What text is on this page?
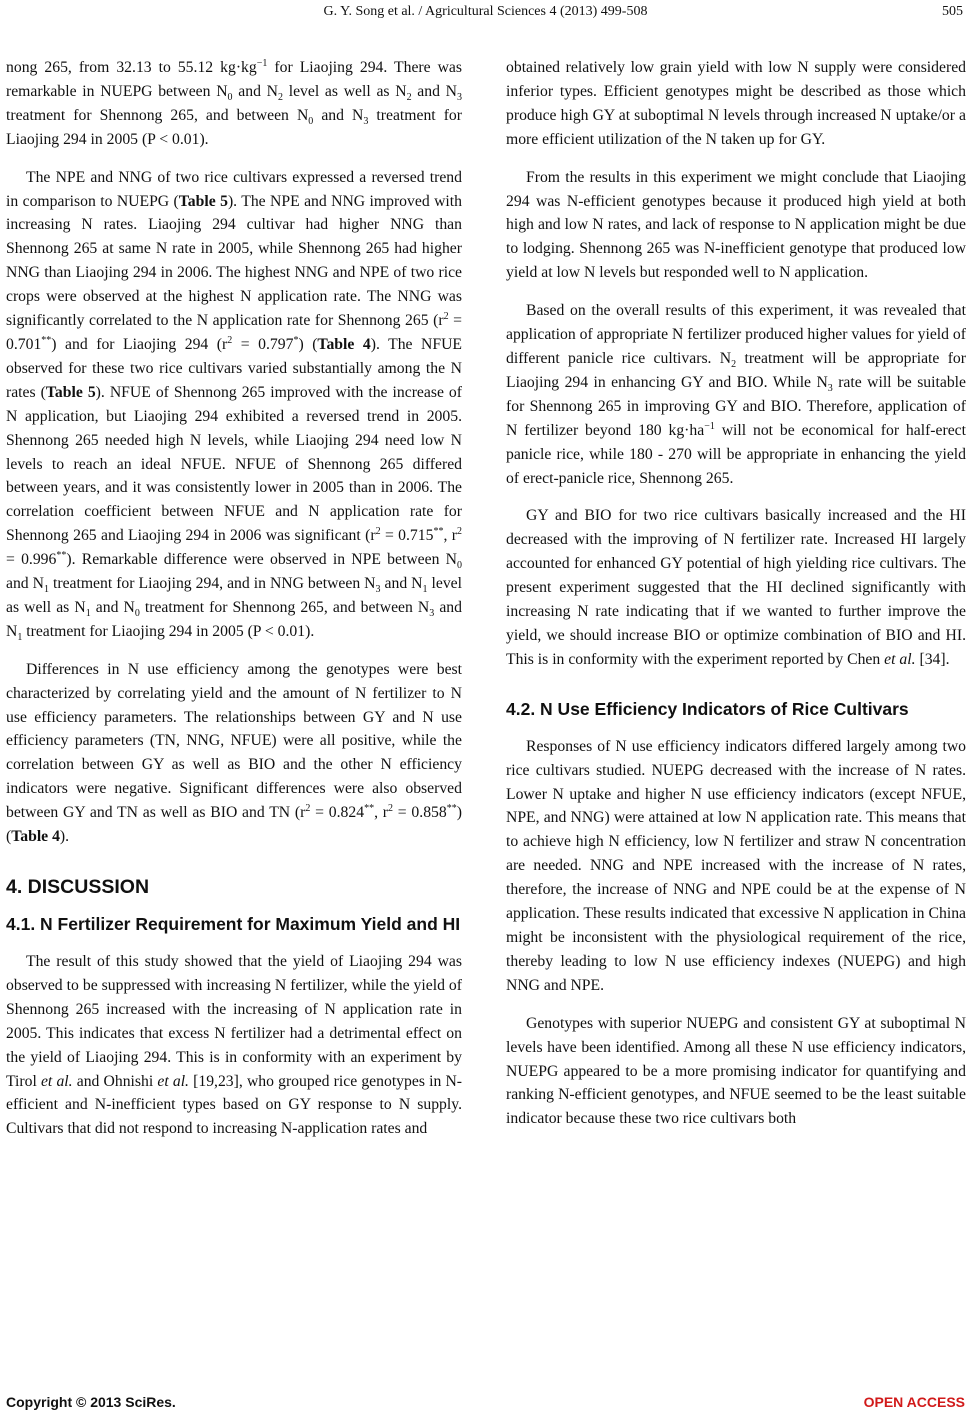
G. Y. Song et al. / Agricultural Sciences 4 (2013) 499-508	505

nong 265, from 32.13 to 55.12 $kg\cdot kg^{-1}$ for Liaojing 294. There was remarkable in NUEPG between $N_0$ and $N_2$ level as well as $N_2$ and $N_3$ treatment for Shennong 265, and between $N_0$ and $N_3$ treatment for Liaojing 294 in 2005 (P < 0.01).

The NPE and NNG of two rice cultivars expressed a reversed trend in comparison to NUEPG (Table 5). The NPE and NNG improved with increasing N rates. Liaojing 294 cultivar had higher NNG than Shennong 265 at same N rate in 2005, while Shennong 265 had higher NNG than Liaojing 294 in 2006. The highest NNG and NPE of two rice crops were observed at the highest N application rate. The NNG was significantly correlated to the N application rate for Shennong 265 $(r^2 = 0.701^{**})$ and for Liaojing 294 $(r^2 = 0.797^*)$ (Table 4). The NFUE observed for these two rice cultivars varied substantially among the N rates (Table 5). NFUE of Shennong 265 improved with the increase of N application, but Liaojing 294 exhibited a reversed trend in 2005. Shennong 265 needed high N levels, while Liaojing 294 need low N levels to reach an ideal NFUE. NFUE of Shennong 265 differed between years, and it was consistently lower in 2005 than in 2006. The correlation coefficient between NFUE and N application rate for Shennong 265 and Liaojing 294 in 2006 was significant ($r^2 = 0.715^{**}$, $r^2 = 0.996^{**}$). Remarkable difference were observed in NPE between $N_0$ and $N_1$ treatment for Liaojing 294, and in NNG between $N_3$ and $N_1$ level as well as $N_1$ and $N_0$ treatment for Shennong 265, and between $N_3$ and $N_1$ treatment for Liaojing 294 in 2005 (P < 0.01).

Differences in N use efficiency among the genotypes were best characterized by correlating yield and the amount of N fertilizer to N use efficiency parameters. The relationships between GY and N use efficiency parameters (TN, NNG, NFUE) were all positive, while the correlation between GY as well as BIO and the other N efficiency indicators were negative. Significant differences were also observed between GY and TN as well as BIO and TN ($r^2 = 0.824^{**}$, $r^2 = 0.858^{**}$) (Table 4).

4. DISCUSSION
4.1. N Fertilizer Requirement for Maximum Yield and HI

The result of this study showed that the yield of Liaojing 294 was observed to be suppressed with increasing N fertilizer, while the yield of Shennong 265 increased with the increasing of N application rate in 2005. This indicates that excess N fertilizer had a detrimental effect on the yield of Liaojing 294. This is in conformity with an experiment by Tirol et al. and Ohnishi et al. [19,23], who grouped rice genotypes in N-efficient and N-inefficient types based on GY response to N supply. Cultivars that did not respond to increasing N-application rates and

obtained relatively low grain yield with low N supply were considered inferior types. Efficient genotypes might be described as those which produce high GY at suboptimal N levels through increased N uptake/or a more efficient utilization of the N taken up for GY.

From the results in this experiment we might conclude that Liaojing 294 was N-efficient genotypes because it produced high yield at both high and low N rates, and lack of response to N application might be due to lodging. Shennong 265 was N-inefficient genotype that produced low yield at low N levels but responded well to N application.

Based on the overall results of this experiment, it was revealed that application of appropriate N fertilizer produced higher values for yield of different panicle rice cultivars. $N_2$ treatment will be appropriate for Liaojing 294 in enhancing GY and BIO. While $N_3$ rate will be suitable for Shennong 265 in improving GY and BIO. Therefore, application of N fertilizer beyond 180 $kg\cdot ha^{-1}$ will not be economical for half-erect panicle rice, while 180 - 270 will be appropriate in enhancing the yield of erect-panicle rice, Shennong 265.

GY and BIO for two rice cultivars basically increased and the HI decreased with the improving of N fertilizer rate. Increased HI largely accounted for enhanced GY potential of high yielding rice cultivars. The present experiment suggested that the HI declined significantly with increasing N rate indicating that if we wanted to further improve the yield, we should increase BIO or optimize combination of BIO and HI. This is in conformity with the experiment reported by Chen et al. [34].

4.2. N Use Efficiency Indicators of Rice Cultivars

Responses of N use efficiency indicators differed largely among two rice cultivars studied. NUEPG decreased with the increase of N rates. Lower N uptake and higher N use efficiency indicators (except NFUE, NPE, and NNG) were attained at low N application rate. This means that to achieve high N efficiency, low N fertilizer and straw N concentration are needed. NNG and NPE increased with the increase of N rates, therefore, the increase of NNG and NPE could be at the expense of N application. These results indicated that excessive N application in China might be inconsistent with the physiological requirement of the rice, thereby leading to low N use efficiency indexes (NUEPG) and high NNG and NPE.

Genotypes with superior NUEPG and consistent GY at suboptimal N levels have been identified. Among all these N use efficiency indicators, NUEPG appeared to be a more promising indicator for quantifying and ranking N-efficient genotypes, and NFUE seemed to be the least suitable indicator because these two rice cultivars both

Copyright © 2013 SciRes.	OPEN ACCESS
